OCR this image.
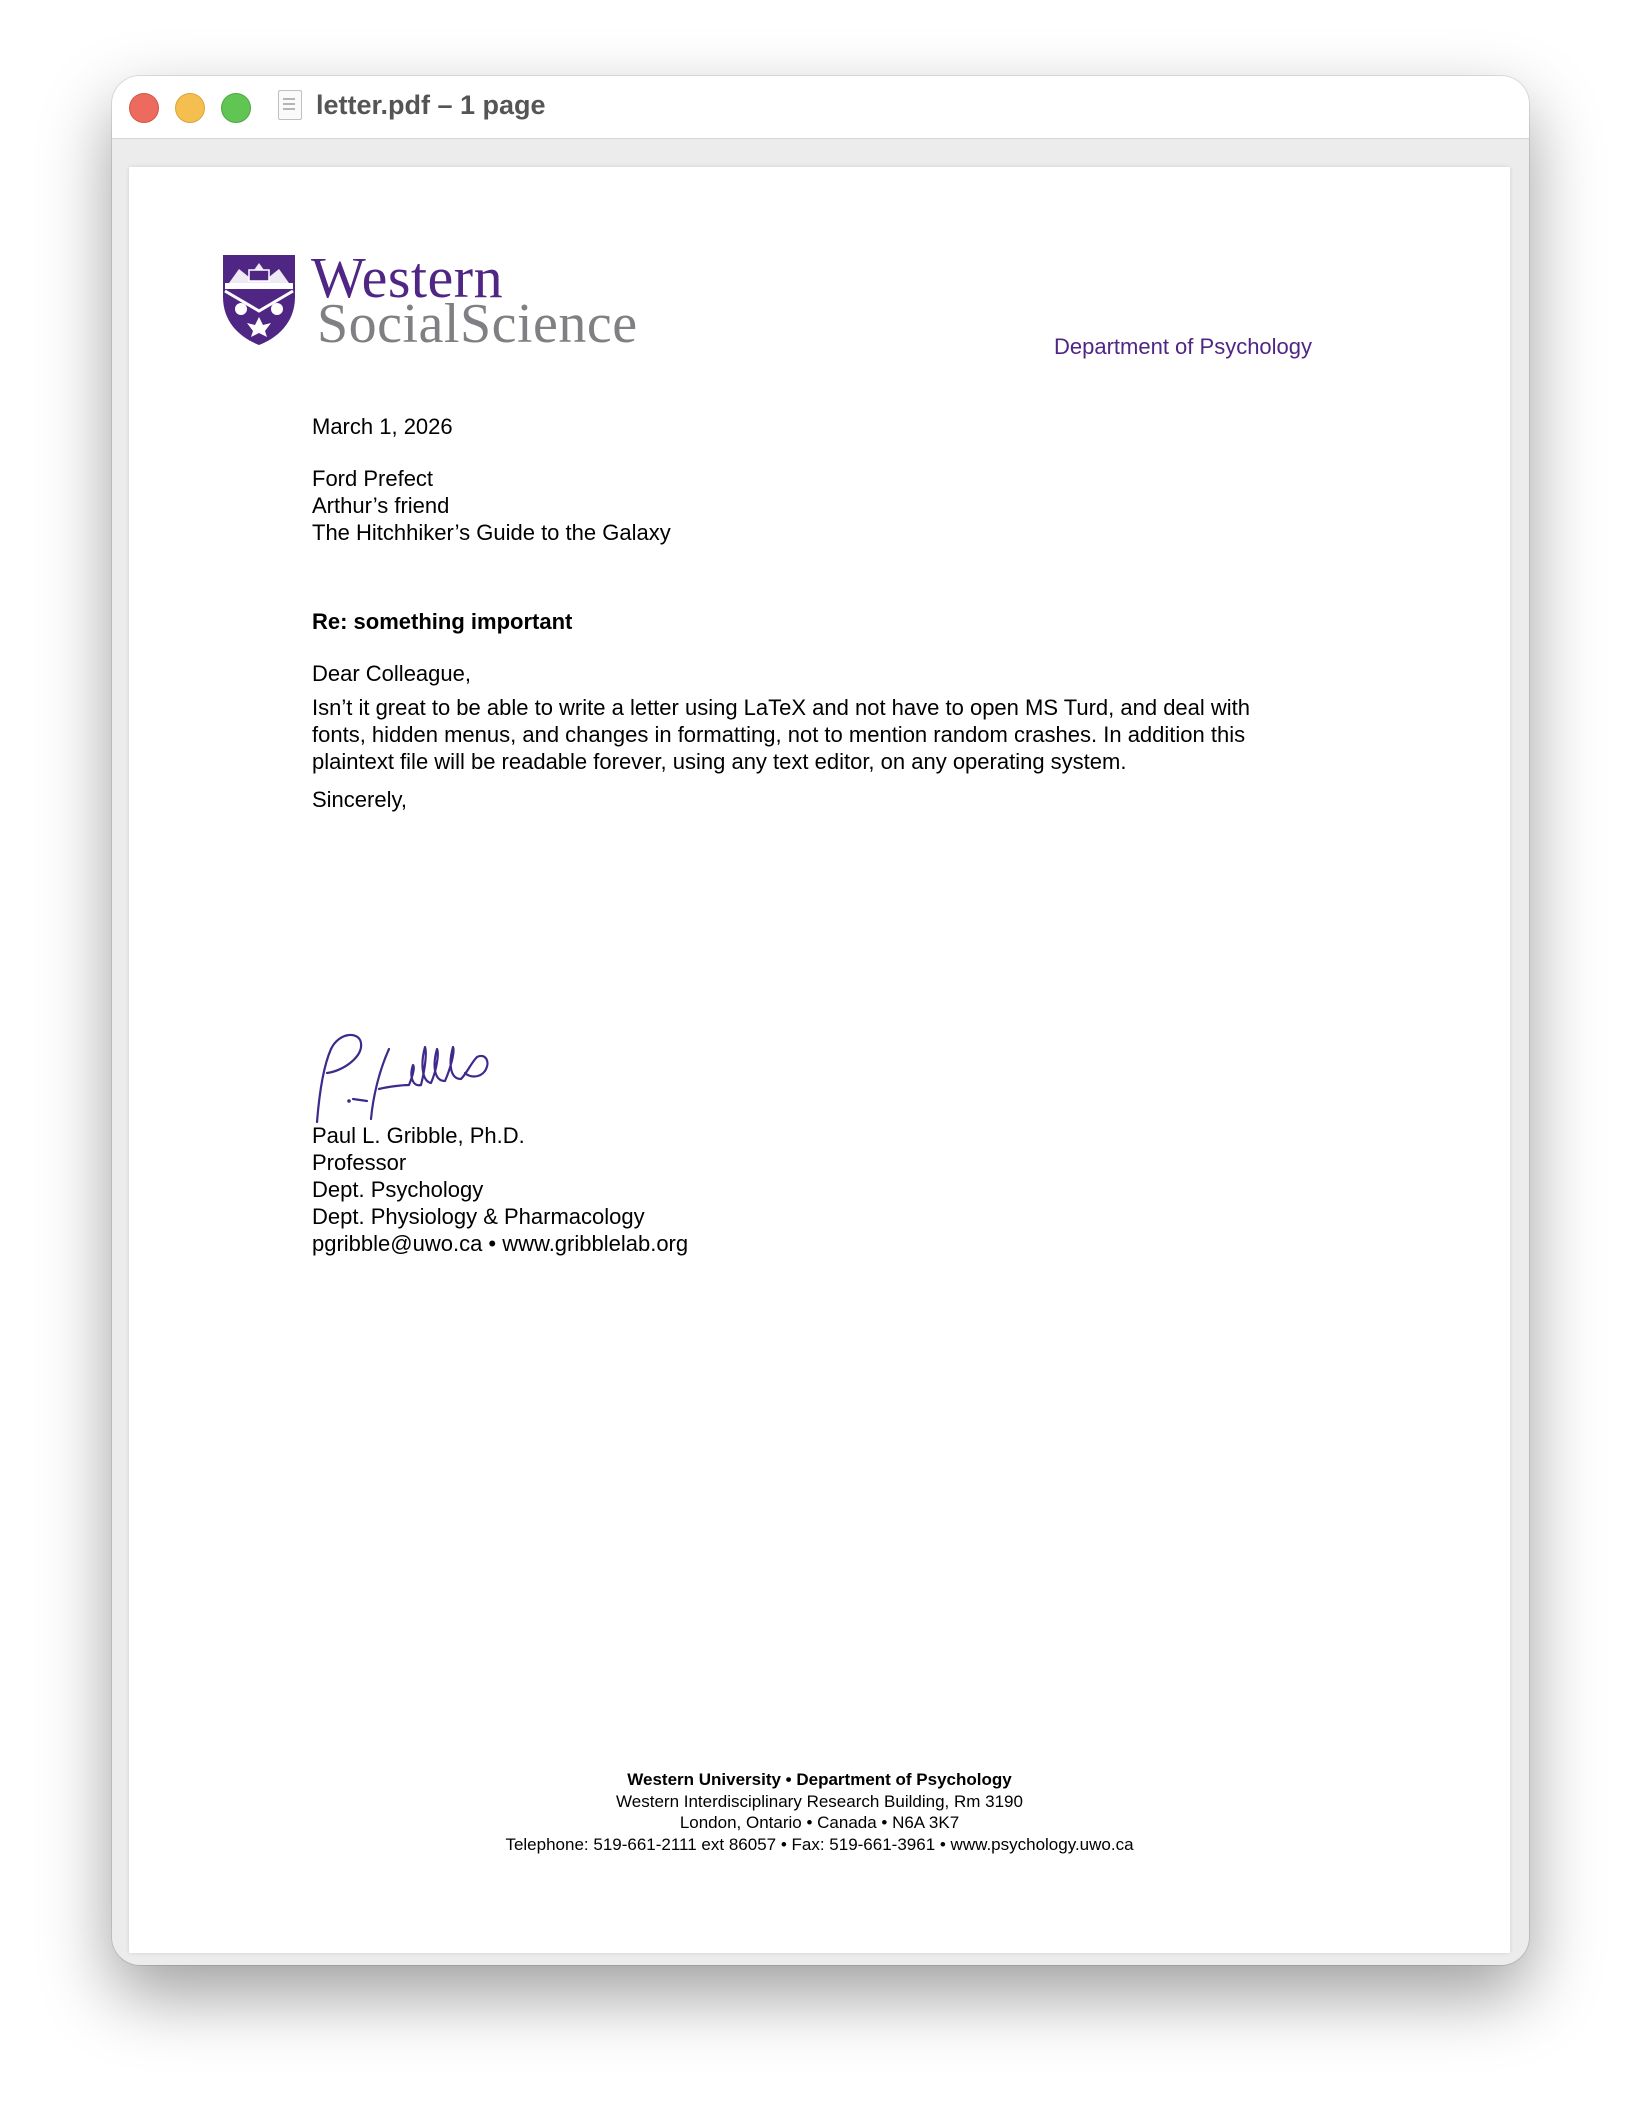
letter.pdf – 1 page
Western
SocialScience	Department of Psychology
March 1, 2026
Ford Prefect
Arthur’s friend
The Hitchhiker’s Guide to the Galaxy
Re: something important
Dear Colleague,
Isn’t it great to be able to write a letter using LaTeX and not have to open MS Turd, and deal with
fonts, hidden menus, and changes in formatting, not to mention random crashes. In addition this
plaintext file will be readable forever, using any text editor, on any operating system.
Sincerely,
Paul L. Gribble, Ph.D.
Professor
Dept. Psychology
Dept. Physiology & Pharmacology
pgribble@uwo.ca • www.gribblelab.org
Western University • Department of Psychology
Western Interdisciplinary Research Building, Rm 3190
London, Ontario • Canada • N6A 3K7
Telephone: 519-661-2111 ext 86057 • Fax: 519-661-3961 • www.psychology.uwo.ca
